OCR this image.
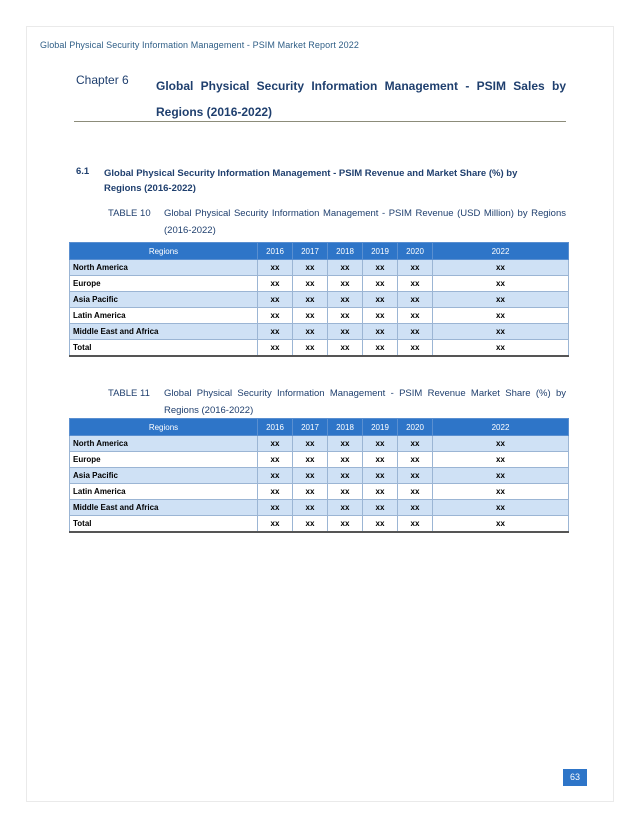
Global Physical Security Information Management - PSIM Market Report 2022
Chapter 6 Global Physical Security Information Management - PSIM Sales by Regions (2016-2022)
6.1 Global Physical Security Information Management - PSIM Revenue and Market Share (%) by Regions (2016-2022)
TABLE 10 Global Physical Security Information Management - PSIM Revenue (USD Million) by Regions (2016-2022)
Regions	2016	2017	2018	2019	2020	2022
North America	xx	xx	xx	xx	xx	xx
Europe	xx	xx	xx	xx	xx	xx
Asia Pacific	xx	xx	xx	xx	xx	xx
Latin America	xx	xx	xx	xx	xx	xx
Middle East and Africa	xx	xx	xx	xx	xx	xx
Total	xx	xx	xx	xx	xx	xx
TABLE 11 Global Physical Security Information Management - PSIM Revenue Market Share (%) by Regions (2016-2022)
Regions	2016	2017	2018	2019	2020	2022
North America	xx	xx	xx	xx	xx	xx
Europe	xx	xx	xx	xx	xx	xx
Asia Pacific	xx	xx	xx	xx	xx	xx
Latin America	xx	xx	xx	xx	xx	xx
Middle East and Africa	xx	xx	xx	xx	xx	xx
Total	xx	xx	xx	xx	xx	xx
63
